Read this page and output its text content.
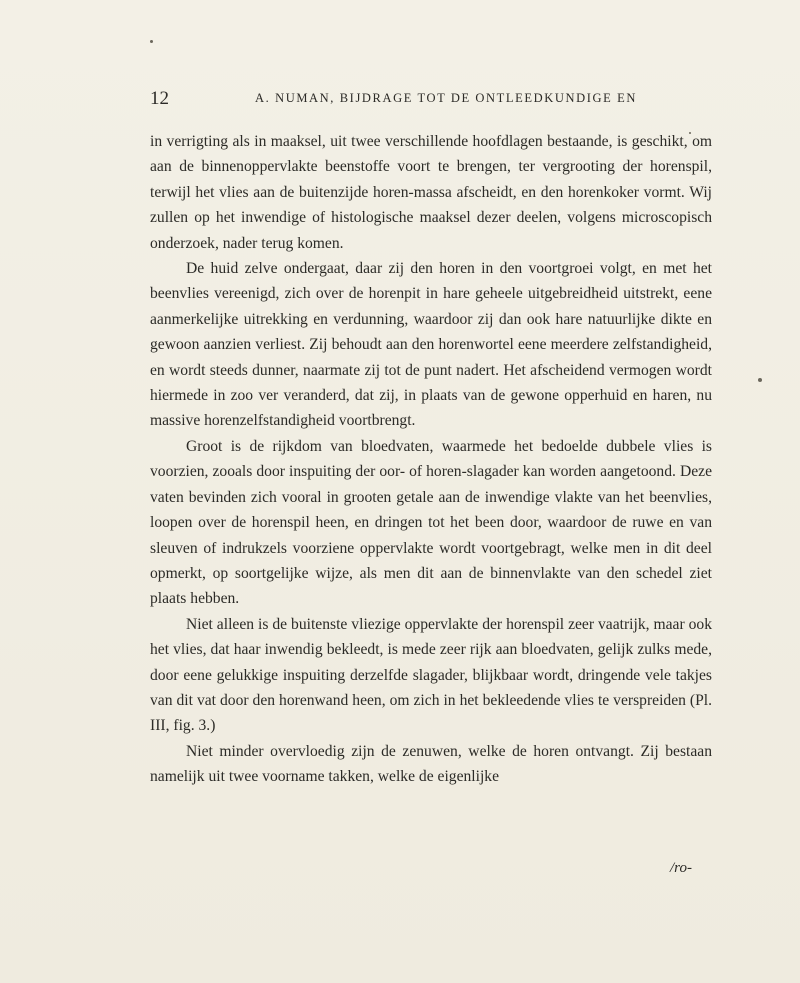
12	A. NUMAN, BIJDRAGE TOT DE ONTLEEDKUNDIGE EN

in verrigting als in maaksel, uit twee verschillende hoofdlagen bestaande, is geschikt, om aan de binnenoppervlakte beenstoffe voort te brengen, ter vergrooting der horenspil, terwijl het vlies aan de buitenzijde horen-massa afscheidt, en den horenkoker vormt. Wij zullen op het inwendige of histologische maaksel dezer deelen, volgens microscopisch onderzoek, nader terug komen.

De huid zelve ondergaat, daar zij den horen in den voortgroei volgt, en met het beenvlies vereenigd, zich over de horenpit in hare geheele uitgebreidheid uitstrekt, eene aanmerkelijke uitrekking en verdunning, waardoor zij dan ook hare natuurlijke dikte en gewoon aanzien verliest. Zij behoudt aan den horenwortel eene meerdere zelfstandigheid, en wordt steeds dunner, naarmate zij tot de punt nadert. Het afscheidend vermogen wordt hiermede in zoo ver veranderd, dat zij, in plaats van de gewone opperhuid en haren, nu massive horenzelfstandigheid voortbrengt.

Groot is de rijkdom van bloedvaten, waarmede het bedoelde dubbele vlies is voorzien, zooals door inspuiting der oor- of horen-slagader kan worden aangetoond. Deze vaten bevinden zich vooral in grooten getale aan de inwendige vlakte van het beenvlies, loopen over de horenspil heen, en dringen tot het been door, waardoor de ruwe en van sleuven of indrukzels voorziene oppervlakte wordt voortgebragt, welke men in dit deel opmerkt, op soortgelijke wijze, als men dit aan de binnenvlakte van den schedel ziet plaats hebben.

Niet alleen is de buitenste vliezige oppervlakte der horenspil zeer vaatrijk, maar ook het vlies, dat haar inwendig bekleedt, is mede zeer rijk aan bloedvaten, gelijk zulks mede, door eene gelukkige inspuiting derzelfde slagader, blijkbaar wordt, dringende vele takjes van dit vat door den horenwand heen, om zich in het bekleedende vlies te verspreiden (Pl. III, fig. 3.)

Niet minder overvloedig zijn de zenuwen, welke de horen ontvangt. Zij bestaan namelijk uit twee voorname takken, welke de eigenlijke

/ro-
